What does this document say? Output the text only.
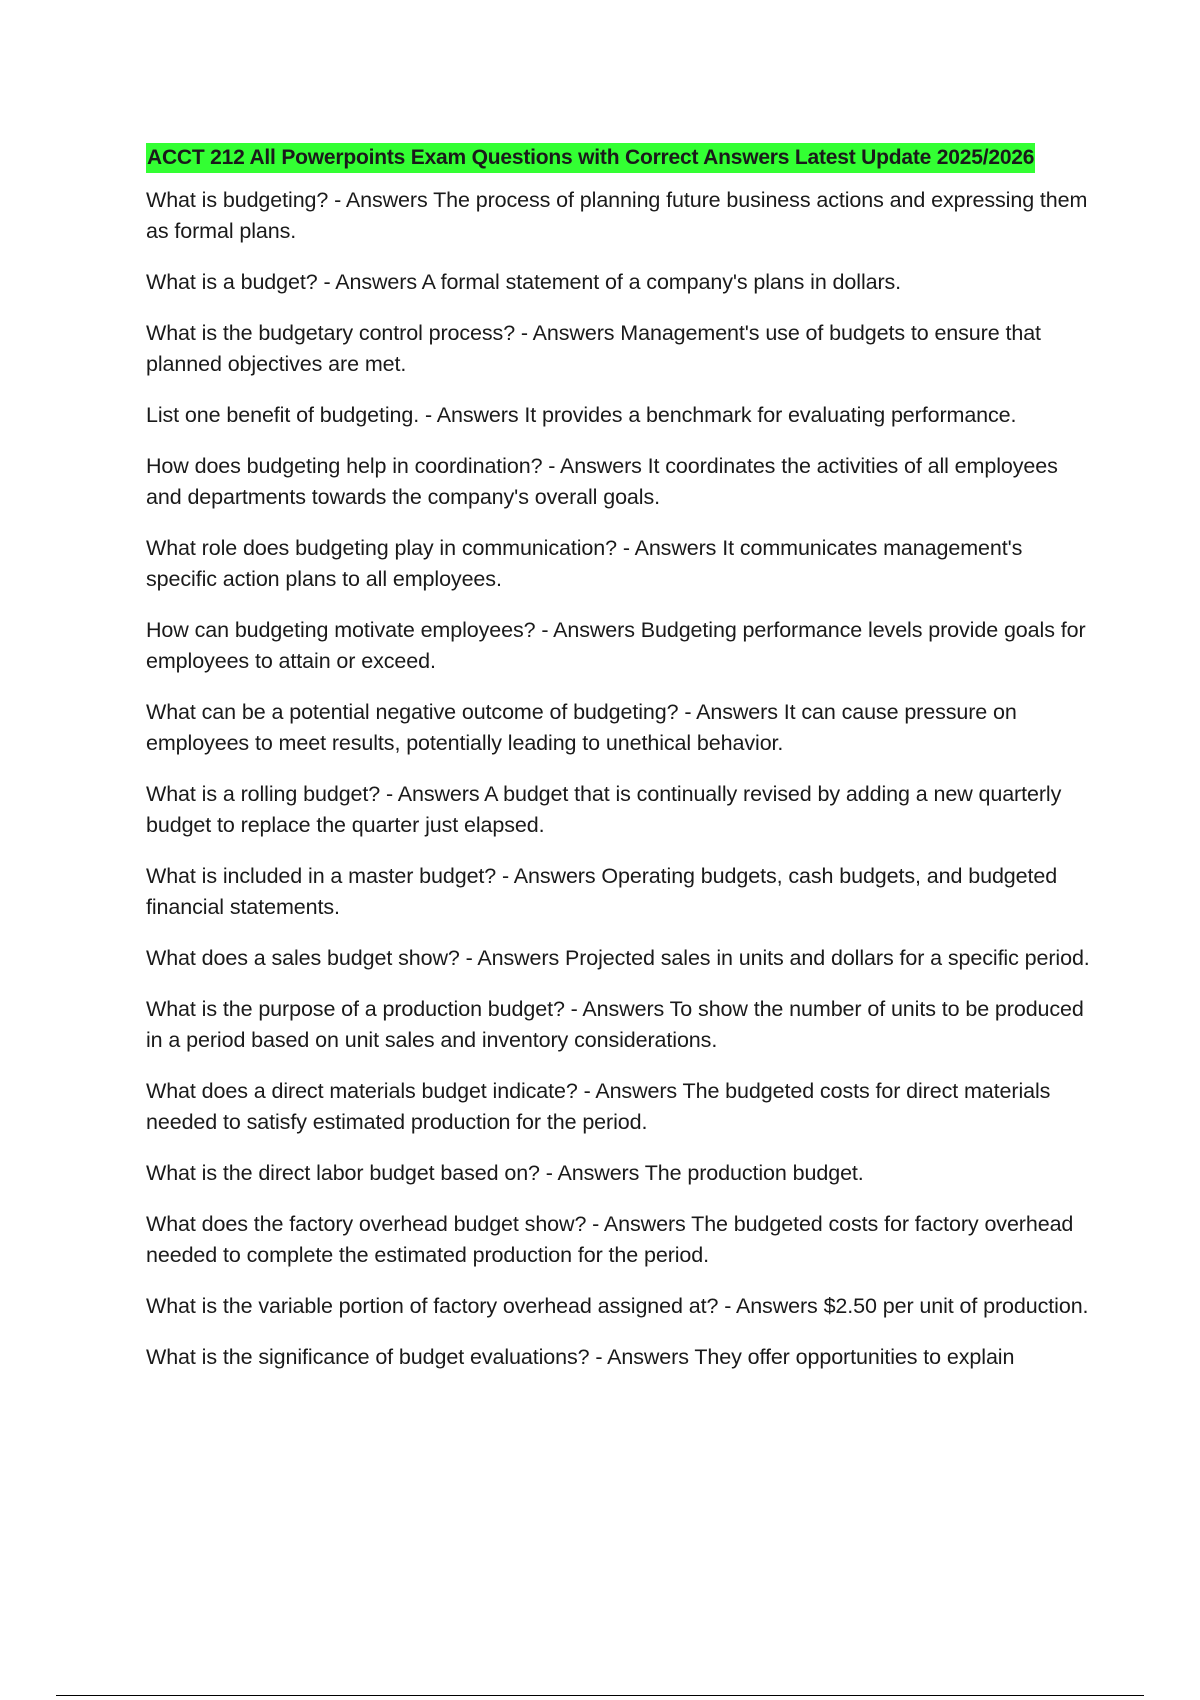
ACCT 212 All Powerpoints Exam Questions with Correct Answers Latest Update 2025/2026

What is budgeting? - Answers The process of planning future business actions and expressing them as formal plans.

What is a budget? - Answers A formal statement of a company's plans in dollars.

What is the budgetary control process? - Answers Management's use of budgets to ensure that planned objectives are met.

List one benefit of budgeting. - Answers It provides a benchmark for evaluating performance.

How does budgeting help in coordination? - Answers It coordinates the activities of all employees and departments towards the company's overall goals.

What role does budgeting play in communication? - Answers It communicates management's specific action plans to all employees.

How can budgeting motivate employees? - Answers Budgeting performance levels provide goals for employees to attain or exceed.

What can be a potential negative outcome of budgeting? - Answers It can cause pressure on employees to meet results, potentially leading to unethical behavior.

What is a rolling budget? - Answers A budget that is continually revised by adding a new quarterly budget to replace the quarter just elapsed.

What is included in a master budget? - Answers Operating budgets, cash budgets, and budgeted financial statements.

What does a sales budget show? - Answers Projected sales in units and dollars for a specific period.

What is the purpose of a production budget? - Answers To show the number of units to be produced in a period based on unit sales and inventory considerations.

What does a direct materials budget indicate? - Answers The budgeted costs for direct materials needed to satisfy estimated production for the period.

What is the direct labor budget based on? - Answers The production budget.

What does the factory overhead budget show? - Answers The budgeted costs for factory overhead needed to complete the estimated production for the period.

What is the variable portion of factory overhead assigned at? - Answers $2.50 per unit of production.

What is the significance of budget evaluations? - Answers They offer opportunities to explain
